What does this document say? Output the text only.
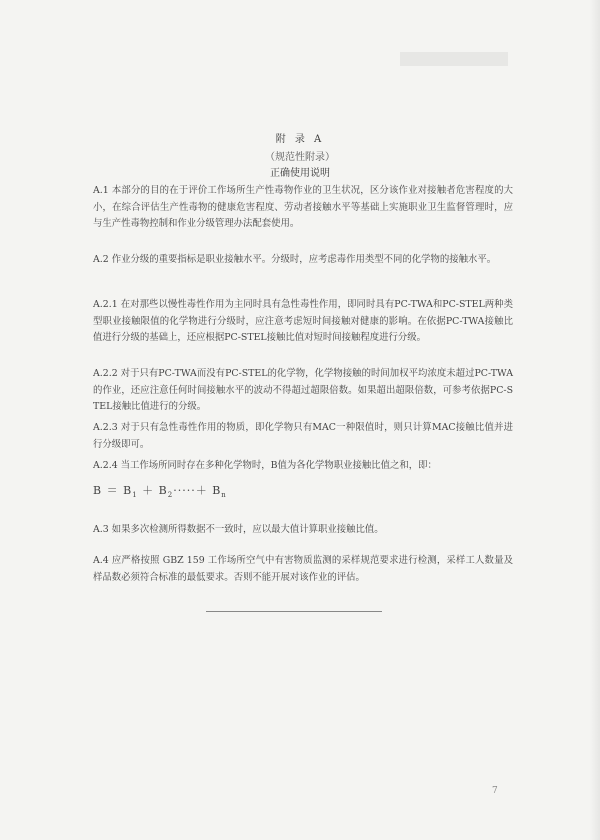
附 录 A
（规范性附录）
正确使用说明
A.1 本部分的目的在于评价工作场所生产性毒物作业的卫生状况，区分该作业对接触者危害程度的大小，在综合评估生产性毒物的健康危害程度、劳动者接触水平等基础上实施职业卫生监督管理时，应与生产性毒物控制和作业分级管理办法配套使用。
A.2 作业分级的重要指标是职业接触水平。分级时，应考虑毒作用类型不同的化学物的接触水平。
A.2.1 在对那些以慢性毒性作用为主同时具有急性毒性作用，即同时具有PC-TWA和PC-STEL两种类型职业接触限值的化学物进行分级时，应注意考虑短时间接触对健康的影响。在依据PC-TWA接触比值进行分级的基础上，还应根据PC-STEL接触比值对短时间接触程度进行分级。
A.2.2 对于只有PC-TWA而没有PC-STEL的化学物，化学物接触的时间加权平均浓度未超过PC-TWA的作业，还应注意任何时间接触水平的波动不得超过超限倍数。如果超出超限倍数，可参考依据PC-STEL接触比值进行的分级。
A.2.3 对于只有急性毒性作用的物质，即化学物只有MAC一种限值时，则只计算MAC接触比值并进行分级即可。
A.2.4 当工作场所同时存在多种化学物时，B值为各化学物职业接触比值之和，即：
$B = B_1 + B_2\cdot\cdot\cdot\cdot\cdot+ B_n$
A.3 如果多次检测所得数据不一致时，应以最大值计算职业接触比值。
A.4 应严格按照 GBZ 159 工作场所空气中有害物质监测的采样规范要求进行检测，采样工人数量及样品数必须符合标准的最低要求。否则不能开展对该作业的评估。
7
